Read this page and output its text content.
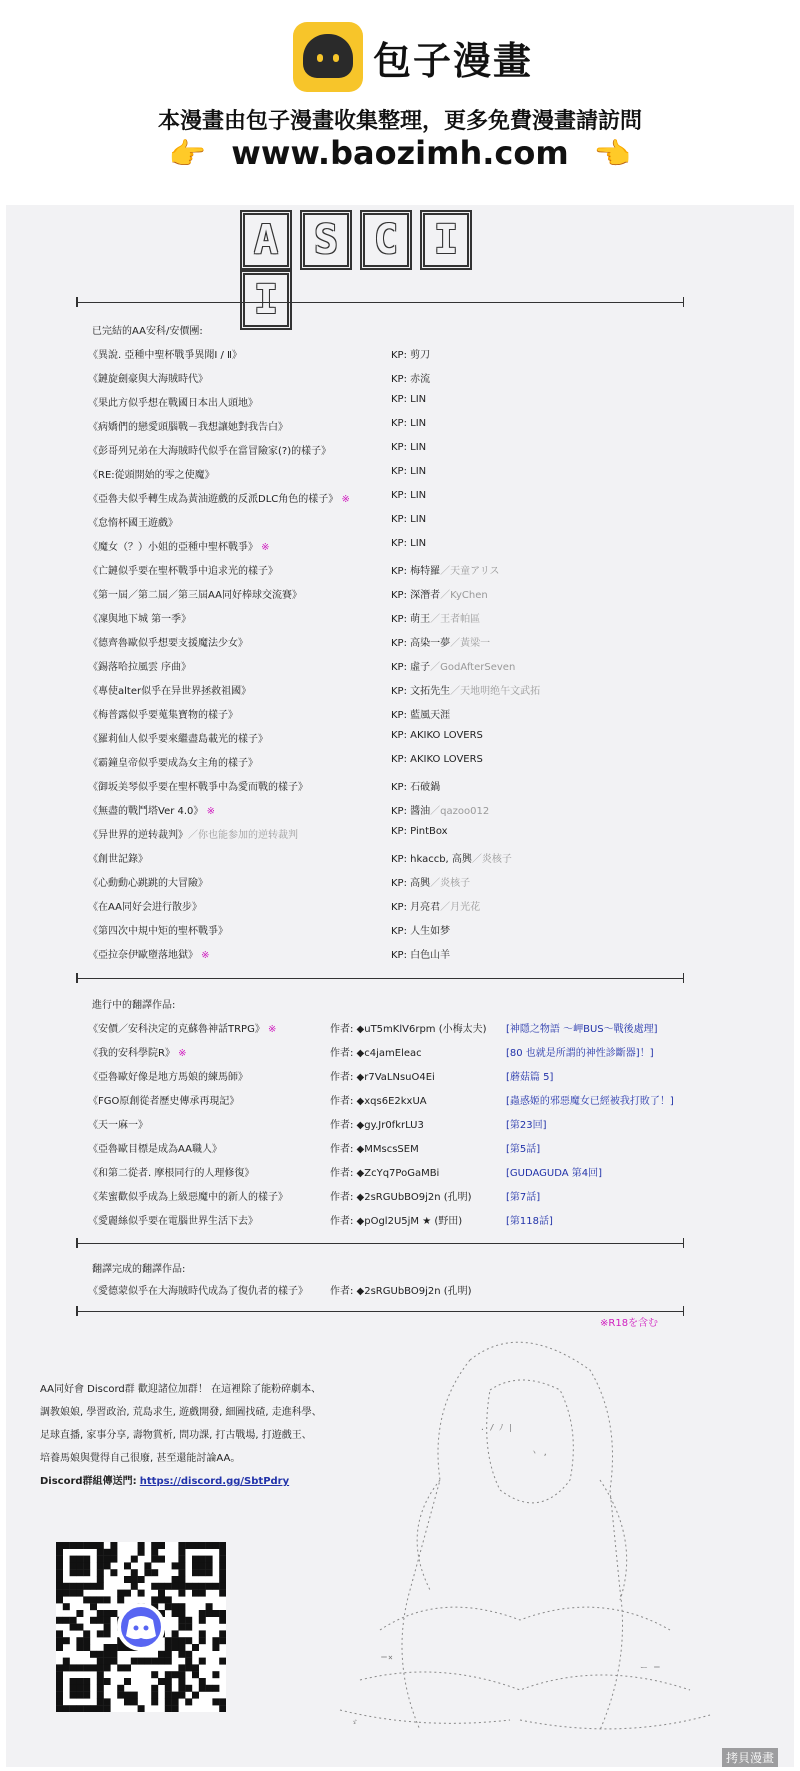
包子漫畫
本漫畫由包子漫畫收集整理，更多免費漫畫請訪問
👉 www.baozimh.com 👈
A S C II
已完結的AA安科/安價團:
《異說. 亞種中聖杯戰爭異聞Ⅰ / Ⅱ》	KP: 剪刀
《鏈旋劍豪與大海賊時代》	KP: 赤流
《果此方似乎想在戰國日本出人頭地》	KP: LIN
《病嬌們的戀愛頭腦戰－我想讓她對我告白》	KP: LIN
《彭哥列兄弟在大海賊時代似乎在當冒險家(?)的樣子》	KP: LIN
《RE:從頭開始的零之使魔》	KP: LIN
《亞魯夫似乎轉生成為黃油遊戲的反派DLC角色的樣子》 ※	KP: LIN
《怠惰杯國王遊戲》	KP: LIN
《魔女（？）小姐的亞種中聖杯戰爭》 ※	KP: LIN
《亡鏈似乎要在聖杯戰爭中追求光的樣子》	KP: 梅特羅／天童アリス
《第一屆／第二屆／第三屆AA同好棒球交流賽》	KP: 深潛者／KyChen
《凜與地下城 第一季》	KP: 萌王／王者帕區
《德齊魯歐似乎想要支援魔法少女》	KP: 高染一夢／黃梁一
《錫落哈拉風雲 序曲》	KP: 虛子／GodAfterSeven
《專使alter似乎在异世界拯救祖國》	KP: 文拓先生／天地明绝午文武拓
《梅普露似乎要蒐集寶物的樣子》	KP: 藍風天涯
《羅莉仙人似乎要來繼盡島載光的樣子》	KP: AKIKO LOVERS
《霸鐘皇帝似乎要成為女主角的樣子》	KP: AKIKO LOVERS
《御坂美琴似乎要在聖杯戰爭中為愛而戰的樣子》	KP: 石破鍋
《無盡的戰鬥塔Ver 4.0》 ※	KP: 醬油／qazoo012
《异世界的逆转裁判》／你也能参加的逆转裁判	KP: PintBox
《創世記錄》	KP: hkaccb, 高興／炎核子
《心動動心跳跳的大冒險》	KP: 高興／炎核子
《在AA同好会进行散步》	KP: 月亮君／月光花
《第四次中規中矩的聖杯戰爭》	KP: 人生如梦
《亞拉奈伊歐墮落地獄》 ※	KP: 白色山羊
進行中的翻譯作品:
《安價／安科決定的克蘇魯神話TRPG》 ※	作者: ◆uT5mKlV6rpm (小梅太夫) [神隱之物語 ～岬BUS～戰後處理]
《我的安科學院R》 ※	作者: ◆c4jamEleac	[80 也就是所謂的神性診斷器]！]
《亞魯歐好像是地方馬娘的練馬師》	作者: ◆r7VaLNsuO4Ei	[蘑菇篇 5]
《FGO原創從者歷史傳承再現記》	作者: ◆xqs6E2kxUA	[蟲惑姬的邪惡魔女已經被我打敗了！]
《天一麻一》	作者: ◆gy.Jr0fkrLU3	[第23回]
《亞魯歐目標是成為AA職人》	作者: ◆MMscsSEM	[第5話]
《和第二從者. 摩根同行的人理修復》	作者: ◆ZcYq7PoGaMBi	[GUDAGUDA 第4回]
《茱蜜歡似乎成為上級惡魔中的新人的樣子》	作者: ◆2sRGUbBO9j2n (孔明)	[第7話]
《愛麗絲似乎要在電腦世界生活下去》	作者: ◆pOgl2U5jM ★ (野田)	[第118話]
翻譯完成的翻譯作品:
《愛德蒙似乎在大海賊時代成為了復仇者的樣子》 作者: ◆2sRGUbBO9j2n (孔明)
※R18を含む
AA同好會 Discord群 歡迎諸位加群！ 在這裡除了能粉碎劇本、
調教娘娘, 學習政治, 荒島求生, 遊戲開發, 細圖找碴, 走進科學、
足球直播, 家事分享, 壽物賞析, 問功課, 打古戰場, 打遊戲王、
培養馬娘與覺得自己很廢, 甚至還能討論AA。
Discord群組傳送門: https://discord.gg/SbtPdry
. / ﾉ |
ヽ ,
＝×
ー ＝
ゞ
拷貝漫畫
